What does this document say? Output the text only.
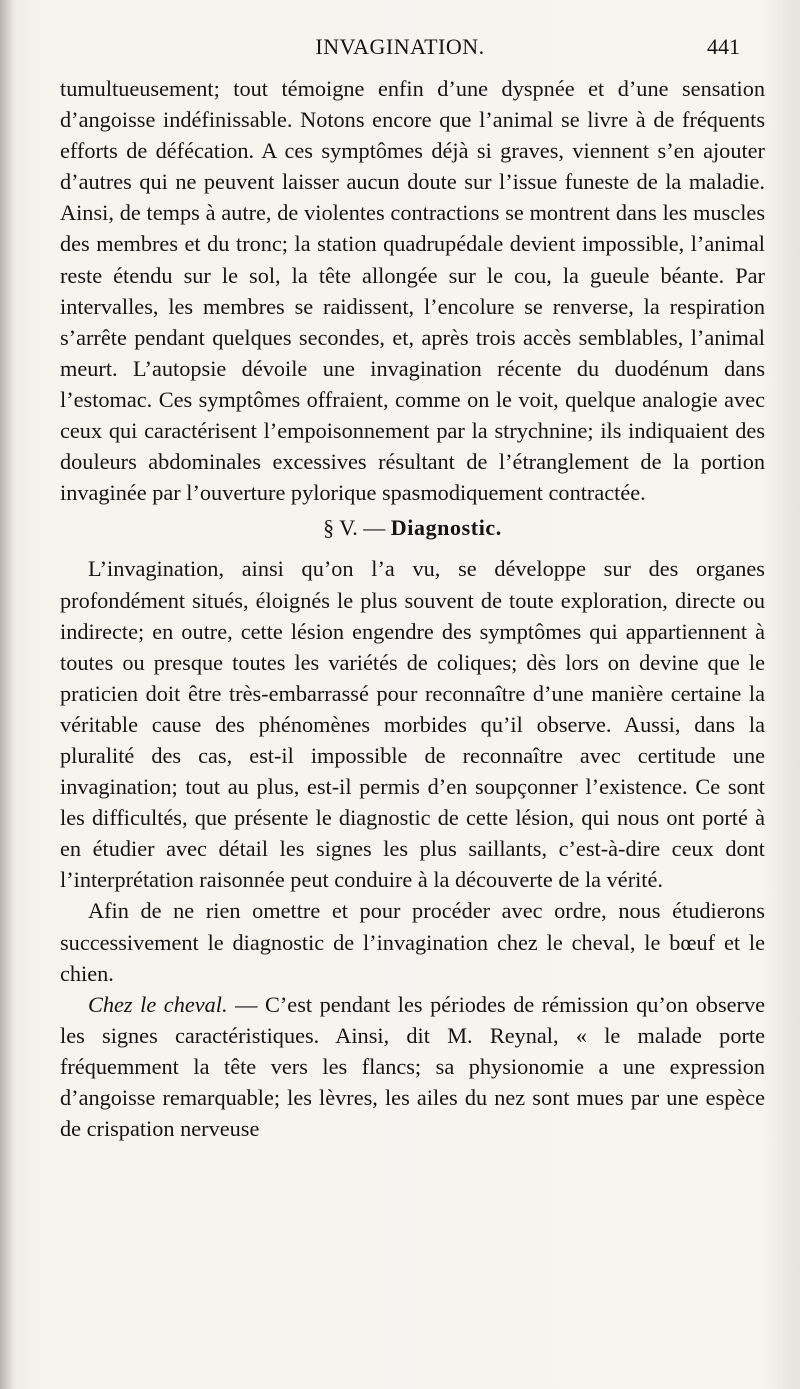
INVAGINATION.	441

tumultueusement; tout témoigne enfin d’une dyspnée et d’une sensation d’angoisse indéfinissable. Notons encore que l’animal se livre à de fréquents efforts de défécation. A ces symptômes déjà si graves, viennent s’en ajouter d’autres qui ne peuvent laisser aucun doute sur l’issue funeste de la maladie. Ainsi, de temps à autre, de violentes contractions se montrent dans les muscles des membres et du tronc; la station quadrupédale devient impossible, l’animal reste étendu sur le sol, la tête allongée sur le cou, la gueule béante. Par intervalles, les membres se raidissent, l’encolure se renverse, la respiration s’arrête pendant quelques secondes, et, après trois accès semblables, l’animal meurt. L’autopsie dévoile une invagination récente du duodénum dans l’estomac. Ces symptômes offraient, comme on le voit, quelque analogie avec ceux qui caractérisent l’empoisonnement par la strychnine; ils indiquaient des douleurs abdominales excessives résultant de l’étranglement de la portion invaginée par l’ouverture pylorique spasmodiquement contractée.

§ V. — Diagnostic.

L’invagination, ainsi qu’on l’a vu, se développe sur des organes profondément situés, éloignés le plus souvent de toute exploration, directe ou indirecte; en outre, cette lésion engendre des symptômes qui appartiennent à toutes ou presque toutes les variétés de coliques; dès lors on devine que le praticien doit être très-embarrassé pour reconnaître d’une manière certaine la véritable cause des phénomènes morbides qu’il observe. Aussi, dans la pluralité des cas, est-il impossible de reconnaître avec certitude une invagination; tout au plus, est-il permis d’en soupçonner l’existence. Ce sont les difficultés, que présente le diagnostic de cette lésion, qui nous ont porté à en étudier avec détail les signes les plus saillants, c’est-à-dire ceux dont l’interprétation raisonnée peut conduire à la découverte de la vérité.

Afin de ne rien omettre et pour procéder avec ordre, nous étudierons successivement le diagnostic de l’invagination chez le cheval, le bœuf et le chien.

Chez le cheval. — C’est pendant les périodes de rémission qu’on observe les signes caractéristiques. Ainsi, dit M. Reynal, « le malade porte fréquemment la tête vers les flancs; sa physionomie a une expression d’angoisse remarquable; les lèvres, les ailes du nez sont mues par une espèce de crispation nerveuse
